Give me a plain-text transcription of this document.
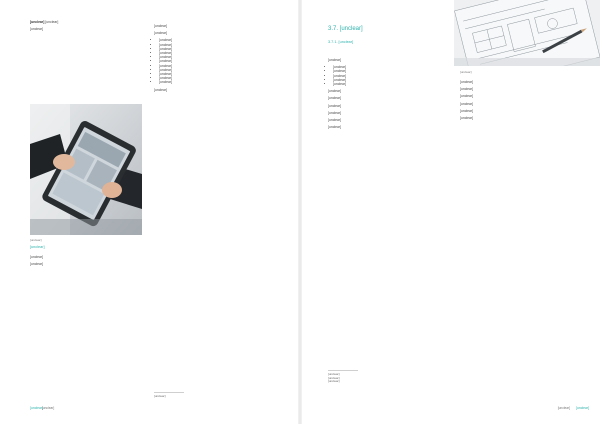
[unclear] [unclear]

[unclear]

[unclear]

[unclear]

[unclear]

[unclear]

[unclear]

[unclear]

• [unclear]
• [unclear]
• [unclear]
• [unclear]
• [unclear]
• [unclear]
• [unclear]
• [unclear]
• [unclear]
• [unclear]
• [unclear]

[unclear]

[unclear]
[unclear]
[unclear]
3.7. [unclear]
3.7.1. [unclear]

[unclear]

• [unclear]
• [unclear]
• [unclear]
• [unclear]
• [unclear]

[unclear]

[unclear]

[unclear]

[unclear]

[unclear]

[unclear]

[unclear]

[unclear]

[unclear]

[unclear]

[unclear]

[unclear]

[unclear]

[unclear]
[unclear]
[unclear]
[unclear] [unclear]
